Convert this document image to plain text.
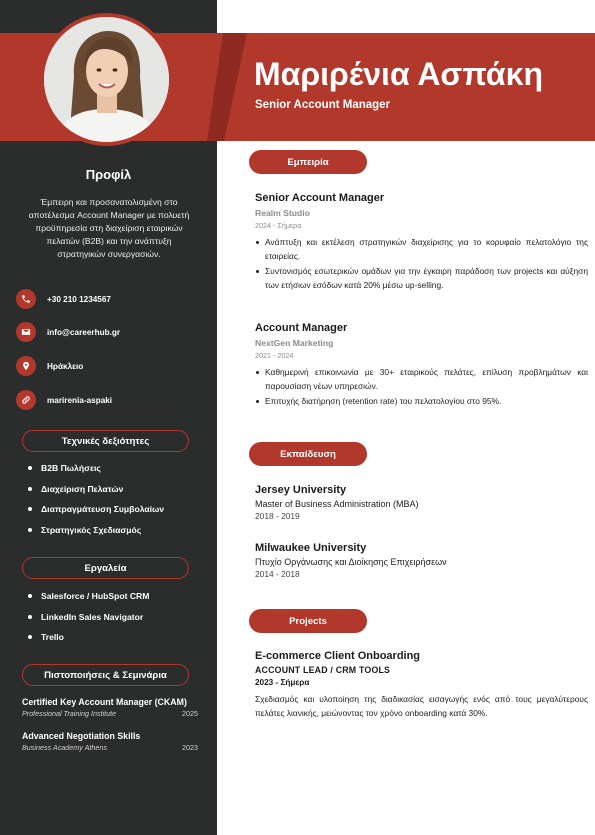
Προφίλ
Έμπειρη και προσανατολισμένη στο αποτέλεσμα Account Manager με πολυετή προϋπηρεσία στη διαχείριση εταιρικών πελατών (B2B) και την ανάπτυξη στρατηγικών συνεργασιών.
+30 210 1234567
info@careerhub.gr
Ηράκλειο
marirenia-aspaki
Τεχνικές δεξιότητες
B2B Πωλήσεις
Διαχείριση Πελατών
Διαπραγμάτευση Συμβολαίων
Στρατηγικός Σχεδιασμός
Εργαλεία
Salesforce / HubSpot CRM
LinkedIn Sales Navigator
Trello
Πιστοποιήσεις & Σεμινάρια
Certified Key Account Manager (CKAM)
Professional Training Institute	2025
Advanced Negotiation Skills
Business Academy Athens	2023
Μαριρένια Ασπάκη
Senior Account Manager
Εμπειρία
Senior Account Manager
Realm Studio
2024 - Σήμερα
Ανάπτυξη και εκτέλεση στρατηγικών διαχείρισης για το κορυφαίο πελατολόγιο της εταιρείας.
Συντονισμός εσωτερικών ομάδων για την έγκαιρη παράδοση των projects και αύξηση των ετήσιων εσόδων κατά 20% μέσω up-selling.
Account Manager
NextGen Marketing
2021 - 2024
Καθημερινή επικοινωνία με 30+ εταιρικούς πελάτες, επίλυση προβλημάτων και παρουσίαση νέων υπηρεσιών.
Επιτυχής διατήρηση (retention rate) του πελατολογίου στο 95%.
Εκπαίδευση
Jersey University
Master of Business Administration (MBA)
2018 - 2019
Milwaukee University
Πτυχίο Οργάνωσης και Διοίκησης Επιχειρήσεων
2014 - 2018
Projects
E-commerce Client Onboarding
ACCOUNT LEAD / CRM TOOLS
2023 - Σήμερα
Σχεδιασμός και υλοποίηση της διαδικασίας εισαγωγής ενός από τους μεγαλύτερους πελάτες λιανικής, μειώνοντας τον χρόνο onboarding κατά 30%.
